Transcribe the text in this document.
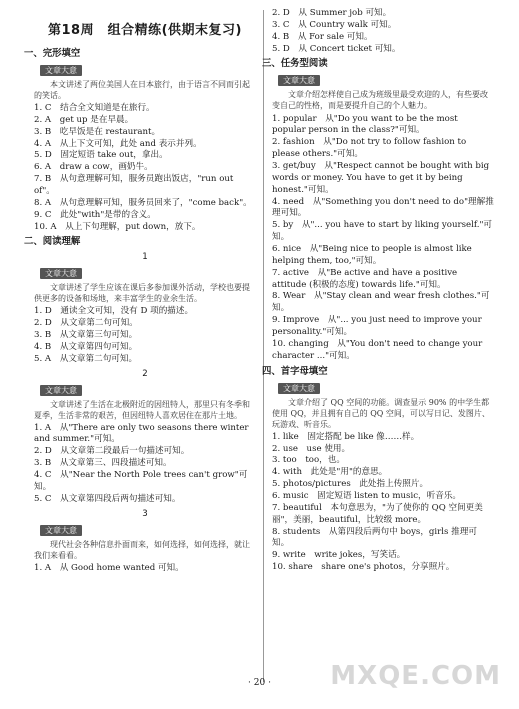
第18周　组合精练(供期末复习)
一、完形填空
文章大意
本文讲述了两位美国人在日本旅行，由于语言不同而引起的笑话。
1. C　结合全文知道是在旅行。
2. A　get up 是在早晨。
3. B　吃早饭是在 restaurant。
4. A　从上下文可知，此处 and 表示并列。
5. D　固定短语 take out，拿出。
6. A　draw a cow，画奶牛。
7. B　从句意理解可知，服务员跑出饭店，"run out of"。
8. A　从句意理解可知，服务员回来了，"come back"。
9. C　此处"with"是带的含义。
10. A　从上下句理解，put down，放下。
二、阅读理解
1
文章大意
文章讲述了学生应该在课后多参加课外活动，学校也要提供更多的设备和场地，来丰富学生的业余生活。
1. D　通读全文可知，没有 D 项的描述。
2. D　从文章第二句可知。
3. B　从文章第三句可知。
4. B　从文章第四句可知。
5. A　从文章第二句可知。
2
文章大意
文章讲述了生活在北极附近的因纽特人，那里只有冬季和夏季，生活非常的艰苦，但因纽特人喜欢居住在那片土地。
1. A　从"There are only two seasons there winter and summer."可知。
2. D　从文章第二段最后一句描述可知。
3. B　从文章第三、四段描述可知。
4. C　从"Near the North Pole trees can't grow"可知。
5. C　从文章第四段后两句描述可知。
3
文章大意
现代社会各种信息扑面而来，如何选择，如何选择，就让我们来看看。
1. A　从 Good home wanted 可知。
2. D　从 Summer job 可知。
3. C　从 Country walk 可知。
4. B　从 For sale 可知。
5. D　从 Concert ticket 可知。
三、任务型阅读
文章大意
文章介绍怎样使自己成为班级里最受欢迎的人，有些要改变自己的性格，而是要提升自己的个人魅力。
1. popular　从"Do you want to be the most popular person in the class?"可知。
2. fashion　从"Do not try to follow fashion to please others."可知。
3. get/buy　从"Respect cannot be bought with big words or money. You have to get it by being honest."可知。
4. need　从"Something you don't need to do"理解推理可知。
5. by　从"... you have to start by liking yourself."可知。
6. nice　从"Being nice to people is almost like helping them, too,"可知。
7. active　从"Be active and have a positive attitude (积极的态度) towards life."可知。
8. Wear　从"Stay clean and wear fresh clothes."可知。
9. Improve　从"... you just need to improve your personality."可知。
10. changing　从"You don't need to change your character ..."可知。
四、首字母填空
文章大意
文章介绍了 QQ 空间的功能。调查显示 90% 的中学生都使用 QQ，并且拥有自己的 QQ 空间，可以写日记、发图片、玩游戏、听音乐。
1. like　固定搭配 be like 像……样。
2. use　use 使用。
3. too　too，也。
4. with　此处是"用"的意思。
5. photos/pictures　此处指上传照片。
6. music　固定短语 listen to music，听音乐。
7. beautiful　本句意思为，"为了使你的 QQ 空间更美丽"，美丽，beautiful，比较级 more。
8. students　从第四段后两句中 boys，girls 推理可知。
9. write　write jokes，写笑话。
10. share　share one's photos，分享照片。
· 20 ·	MXQE.COM
